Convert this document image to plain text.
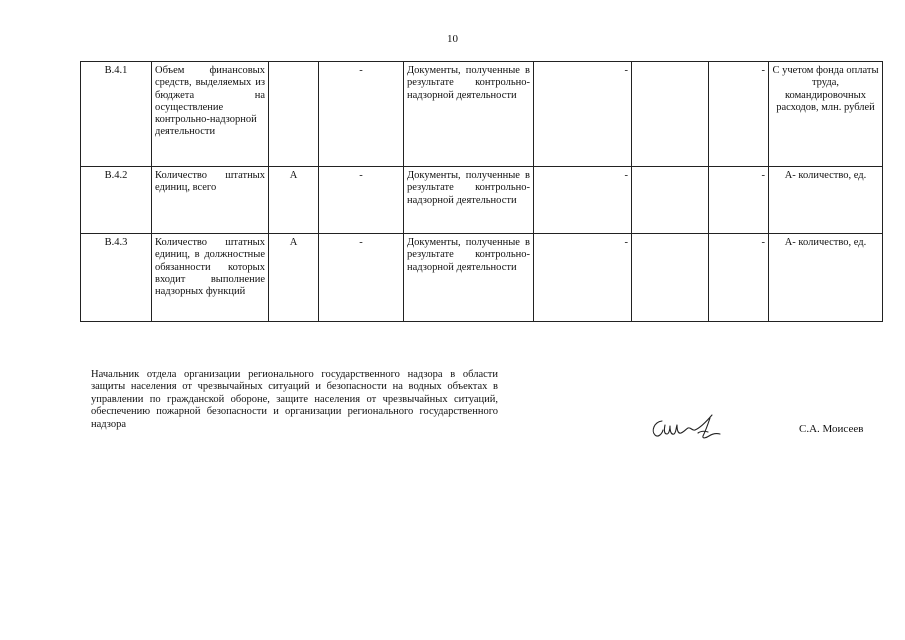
10
В.4.1	Объем финансовых средств, выделяемых из бюджета на осуществление контрольно-надзорной деятельности		-	Документы, полученные в результате контрольно-надзорной деятельности	-		-	С учетом фонда оплаты труда, командировочных расходов, млн. рублей
В.4.2	Количество штатных единиц, всего	А	-	Документы, полученные в результате контрольно-надзорной деятельности	-		-	А- количество, ед.
В.4.3	Количество штатных единиц, в должностные обязанности которых входит выполнение надзорных функций	А	-	Документы, полученные в результате контрольно-надзорной деятельности	-		-	А- количество, ед.
Начальник отдела организации регионального государственного надзора в области защиты населения от чрезвычайных ситуаций и безопасности на водных объектах в управлении по гражданской обороне, защите населения от чрезвычайных ситуаций, обеспечению пожарной безопасности и организации регионального государственного надзора	С.А. Моисеев
